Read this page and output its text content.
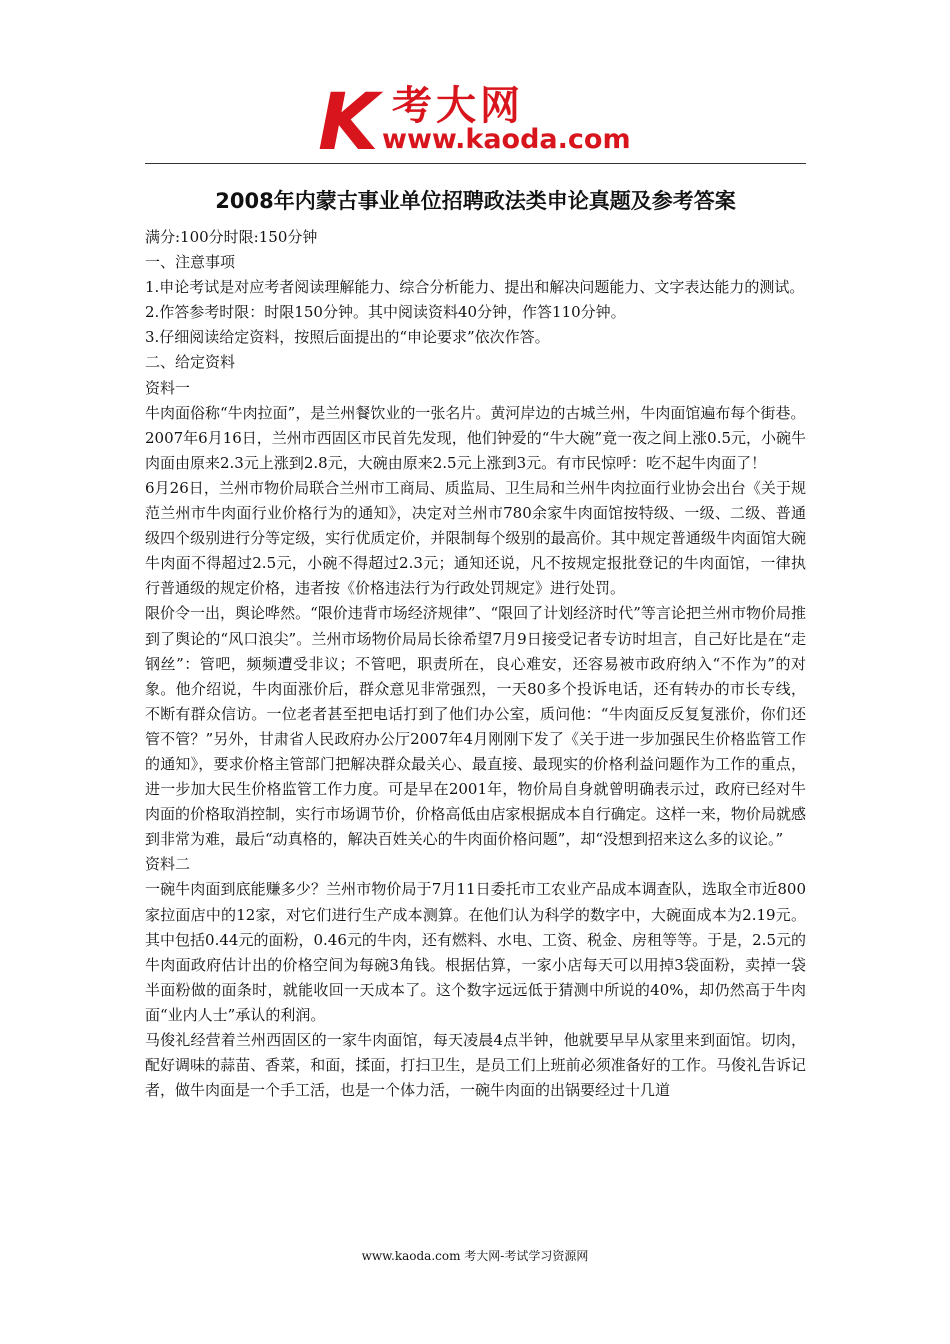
K 考大网
www.kaoda.com
2008年内蒙古事业单位招聘政法类申论真题及参考答案

满分:100分时限:150分钟

一、注意事项

1.申论考试是对应考者阅读理解能力、综合分析能力、提出和解决问题能力、文字表达能力的测试。

2.作答参考时限：时限150分钟。其中阅读资料40分钟，作答110分钟。

3.仔细阅读给定资料，按照后面提出的“申论要求”依次作答。

二、给定资料

资料一

牛肉面俗称“牛肉拉面”，是兰州餐饮业的一张名片。黄河岸边的古城兰州，牛肉面馆遍布每个街巷。

2007年6月16日，兰州市西固区市民首先发现，他们钟爱的“牛大碗”竟一夜之间上涨0.5元，小碗牛肉面由原来2.3元上涨到2.8元，大碗由原来2.5元上涨到3元。有市民惊呼：吃不起牛肉面了！

6月26日，兰州市物价局联合兰州市工商局、质监局、卫生局和兰州牛肉拉面行业协会出台《关于规范兰州市牛肉面行业价格行为的通知》，决定对兰州市780余家牛肉面馆按特级、一级、二级、普通级四个级别进行分等定级，实行优质定价，并限制每个级别的最高价。其中规定普通级牛肉面馆大碗牛肉面不得超过2.5元，小碗不得超过2.3元；通知还说，凡不按规定报批登记的牛肉面馆，一律执行普通级的规定价格，违者按《价格违法行为行政处罚规定》进行处罚。

限价令一出，舆论哗然。“限价违背市场经济规律”、“限回了计划经济时代”等言论把兰州市物价局推到了舆论的“风口浪尖”。兰州市场物价局局长徐希望7月9日接受记者专访时坦言，自己好比是在“走钢丝”：管吧，频频遭受非议；不管吧，职责所在，良心难安，还容易被市政府纳入“不作为”的对象。他介绍说，牛肉面涨价后，群众意见非常强烈，一天80多个投诉电话，还有转办的市长专线，不断有群众信访。一位老者甚至把电话打到了他们办公室，质问他：“牛肉面反反复复涨价，你们还管不管？”另外，甘肃省人民政府办公厅2007年4月刚刚下发了《关于进一步加强民生价格监管工作的通知》，要求价格主管部门把解决群众最关心、最直接、最现实的价格利益问题作为工作的重点，进一步加大民生价格监管工作力度。可是早在2001年，物价局自身就曾明确表示过，政府已经对牛肉面的价格取消控制，实行市场调节价，价格高低由店家根据成本自行确定。这样一来，物价局就感到非常为难，最后“动真格的，解决百姓关心的牛肉面价格问题”，却“没想到招来这么多的议论。”

资料二

一碗牛肉面到底能赚多少？兰州市物价局于7月11日委托市工农业产品成本调查队，选取全市近800家拉面店中的12家，对它们进行生产成本测算。在他们认为科学的数字中，大碗面成本为2.19元。其中包括0.44元的面粉，0.46元的牛肉，还有燃料、水电、工资、税金、房租等等。于是，2.5元的牛肉面政府估计出的价格空间为每碗3角钱。根据估算，一家小店每天可以用掉3袋面粉，卖掉一袋半面粉做的面条时，就能收回一天成本了。这个数字远远低于猜测中所说的40%，却仍然高于牛肉面“业内人士”承认的利润。

马俊礼经营着兰州西固区的一家牛肉面馆，每天凌晨4点半钟，他就要早早从家里来到面馆。切肉，配好调味的蒜苗、香菜，和面，揉面，打扫卫生，是员工们上班前必须准备好的工作。马俊礼告诉记者，做牛肉面是一个手工活，也是一个体力活，一碗牛肉面的出锅要经过十几道

www.kaoda.com 考大网-考试学习资源网
